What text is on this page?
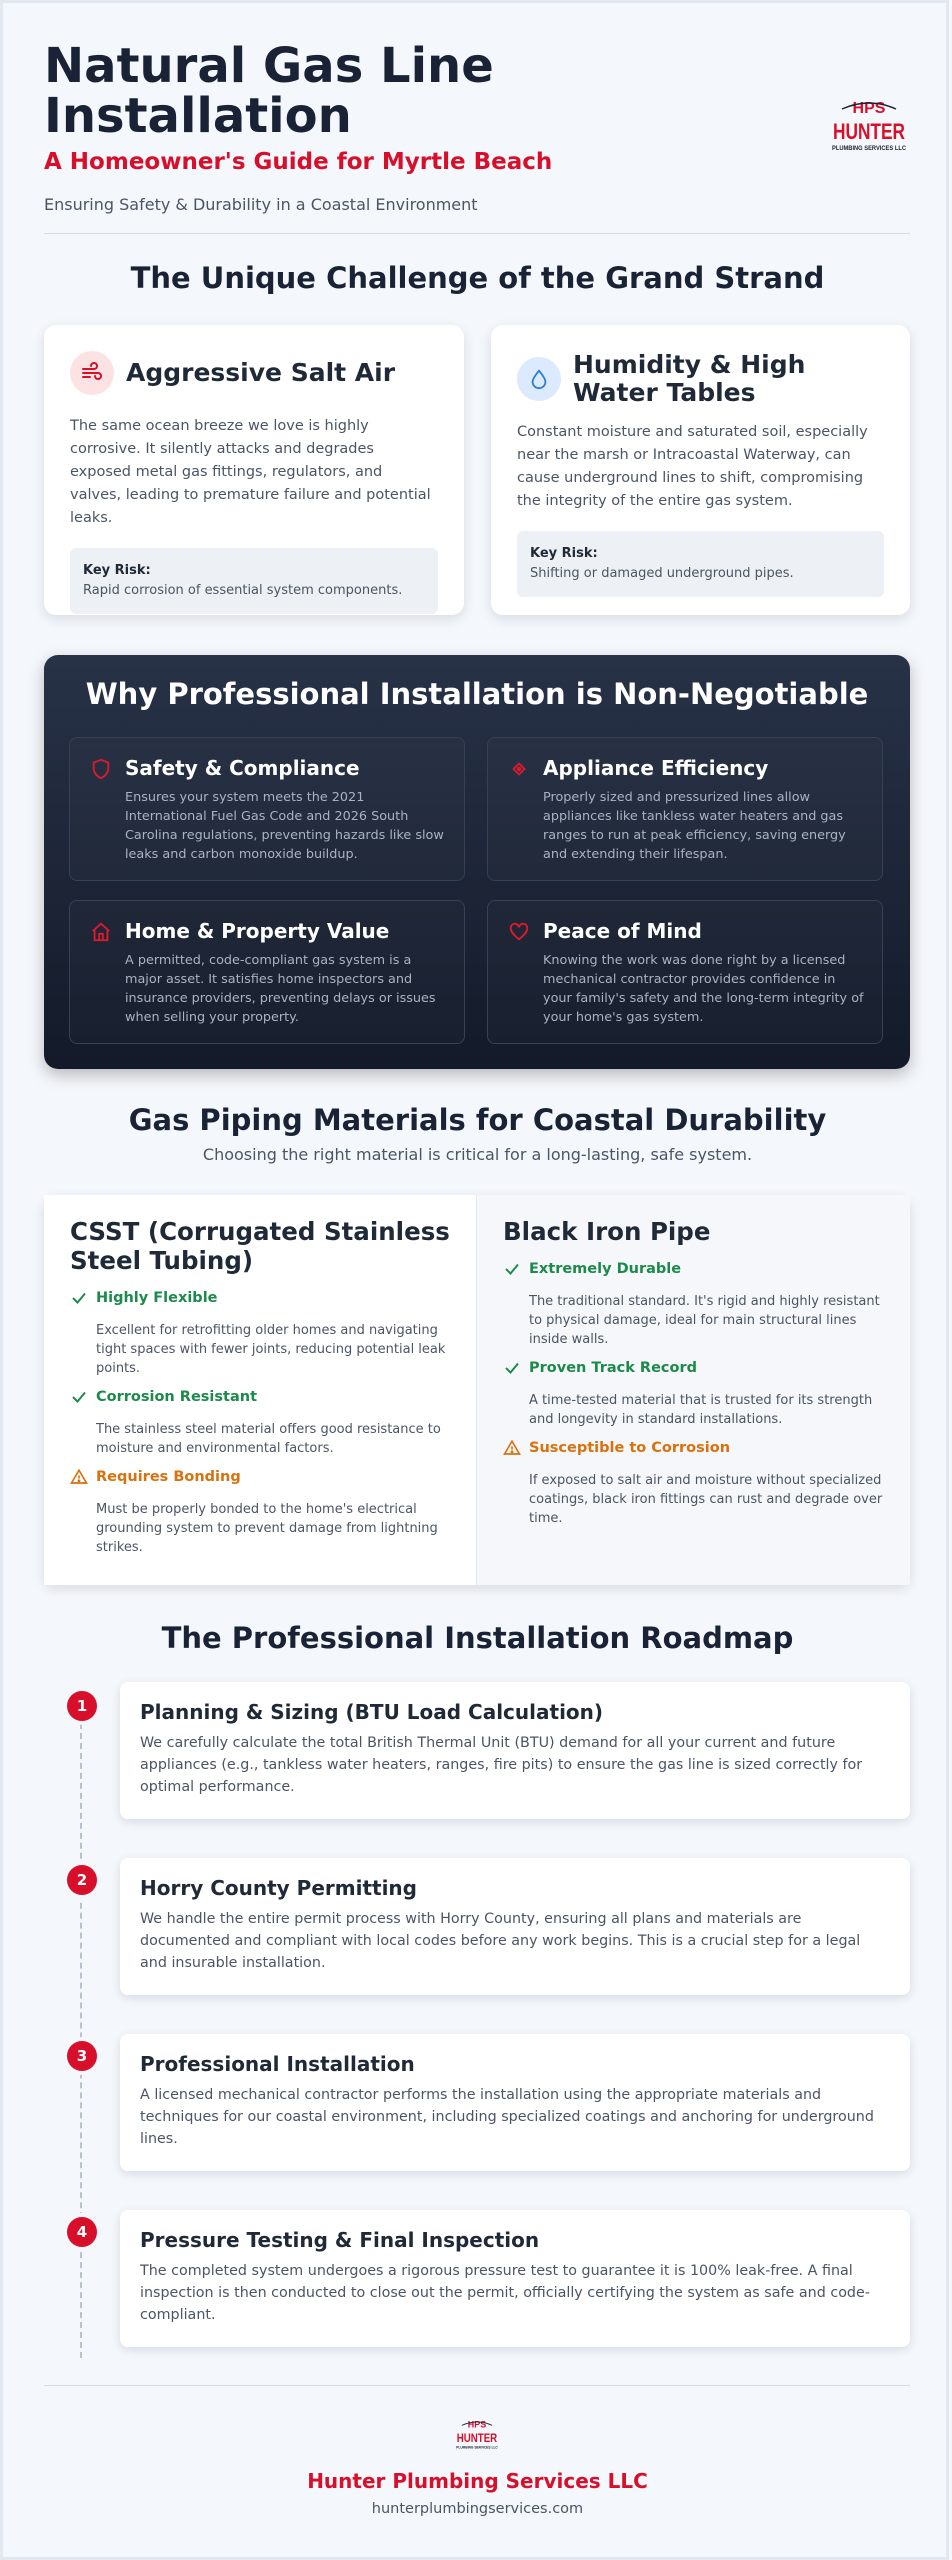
Natural Gas Line Installation
A Homeowner's Guide for Myrtle Beach
Ensuring Safety & Durability in a Coastal Environment
HPS
HUNTER
PLUMBING SERVICES LLC
The Unique Challenge of the Grand Strand
Aggressive Salt Air
The same ocean breeze we love is highly corrosive. It silently attacks and degrades exposed metal gas fittings, regulators, and valves, leading to premature failure and potential leaks.
Key Risk:
Rapid corrosion of essential system components.
Humidity & High Water Tables
Constant moisture and saturated soil, especially near the marsh or Intracoastal Waterway, can cause underground lines to shift, compromising the integrity of the entire gas system.
Key Risk:
Shifting or damaged underground pipes.
Why Professional Installation is Non-Negotiable
Safety & Compliance
Ensures your system meets the 2021 International Fuel Gas Code and 2026 South Carolina regulations, preventing hazards like slow leaks and carbon monoxide buildup.
Appliance Efficiency
Properly sized and pressurized lines allow appliances like tankless water heaters and gas ranges to run at peak efficiency, saving energy and extending their lifespan.
Home & Property Value
A permitted, code-compliant gas system is a major asset. It satisfies home inspectors and insurance providers, preventing delays or issues when selling your property.
Peace of Mind
Knowing the work was done right by a licensed mechanical contractor provides confidence in your family's safety and the long-term integrity of your home's gas system.
Gas Piping Materials for Coastal Durability
Choosing the right material is critical for a long-lasting, safe system.
CSST (Corrugated Stainless Steel Tubing)
Highly Flexible
Excellent for retrofitting older homes and navigating tight spaces with fewer joints, reducing potential leak points.
Corrosion Resistant
The stainless steel material offers good resistance to moisture and environmental factors.
Requires Bonding
Must be properly bonded to the home's electrical grounding system to prevent damage from lightning strikes.
Black Iron Pipe
Extremely Durable
The traditional standard. It's rigid and highly resistant to physical damage, ideal for main structural lines inside walls.
Proven Track Record
A time-tested material that is trusted for its strength and longevity in standard installations.
Susceptible to Corrosion
If exposed to salt air and moisture without specialized coatings, black iron fittings can rust and degrade over time.
The Professional Installation Roadmap
1	Planning & Sizing (BTU Load Calculation)
We carefully calculate the total British Thermal Unit (BTU) demand for all your current and future appliances (e.g., tankless water heaters, ranges, fire pits) to ensure the gas line is sized correctly for optimal performance.
2	Horry County Permitting
We handle the entire permit process with Horry County, ensuring all plans and materials are documented and compliant with local codes before any work begins. This is a crucial step for a legal and insurable installation.
3	Professional Installation
A licensed mechanical contractor performs the installation using the appropriate materials and techniques for our coastal environment, including specialized coatings and anchoring for underground lines.
4	Pressure Testing & Final Inspection
The completed system undergoes a rigorous pressure test to guarantee it is 100% leak-free. A final inspection is then conducted to close out the permit, officially certifying the system as safe and code-compliant.
HPS
HUNTER
PLUMBING SERVICES LLC
Hunter Plumbing Services LLC
hunterplumbingservices.com
